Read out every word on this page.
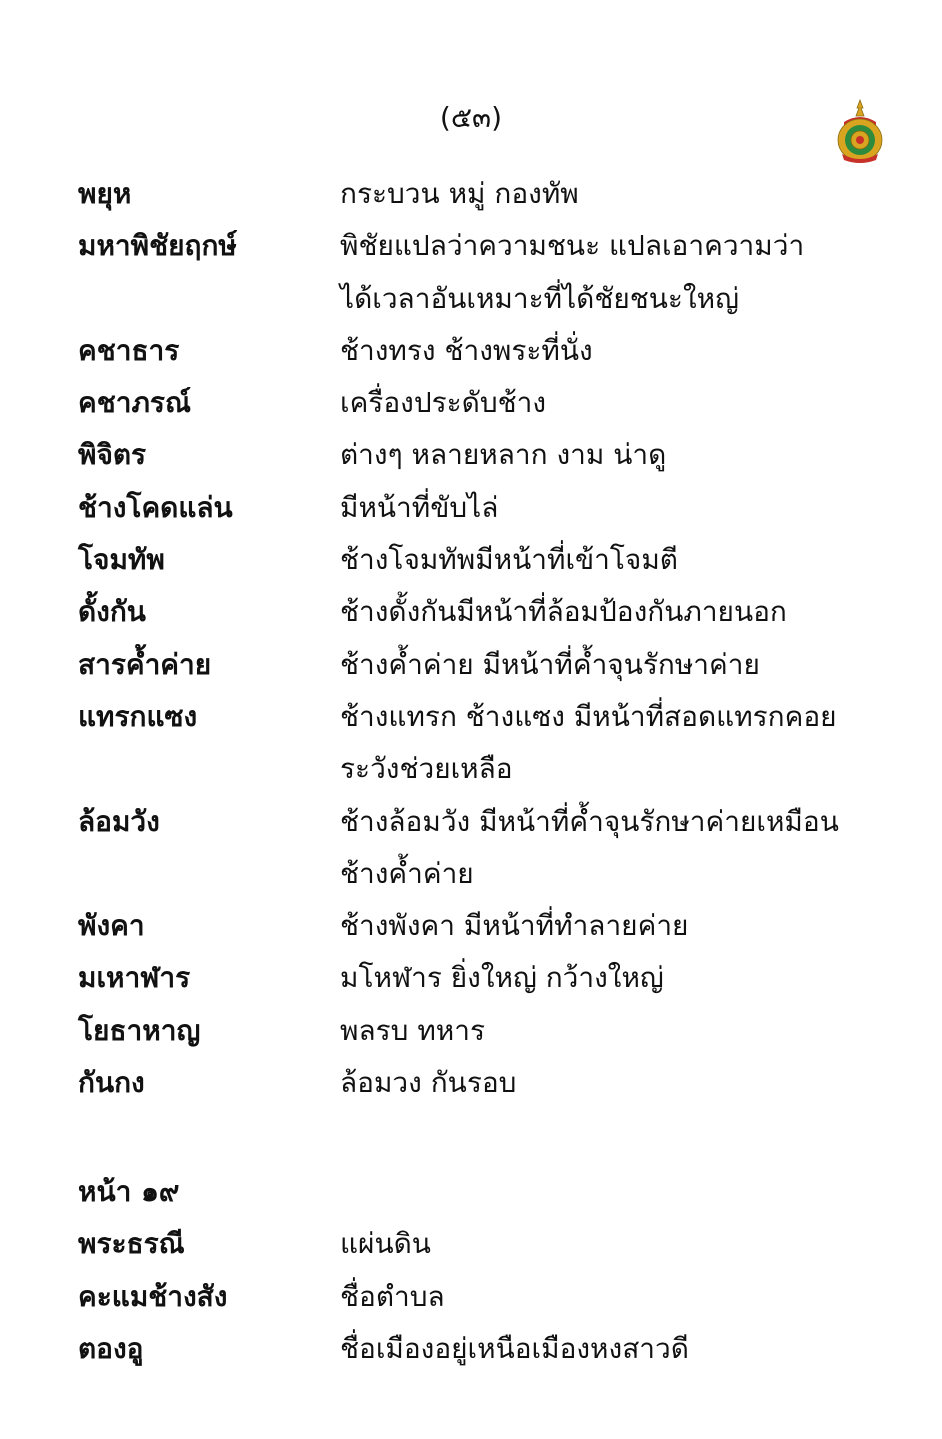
(๕๓)
พยุห	กระบวน หมู่ กองทัพ
มหาพิชัยฤกษ์	พิชัยแปลว่าความชนะ แปลเอาความว่า
ได้เวลาอันเหมาะที่ได้ชัยชนะใหญ่
คชาธาร	ช้างทรง ช้างพระที่นั่ง
คชาภรณ์	เครื่องประดับช้าง
พิจิตร	ต่างๆ หลายหลาก งาม น่าดู
ช้างโคดแล่น	มีหน้าที่ขับไล่
โจมทัพ	ช้างโจมทัพมีหน้าที่เข้าโจมตี
ดั้งกัน	ช้างดั้งกันมีหน้าที่ล้อมป้องกันภายนอก
สารค้ำค่าย	ช้างค้ำค่าย มีหน้าที่ค้ำจุนรักษาค่าย
แทรกแซง	ช้างแทรก ช้างแซง มีหน้าที่สอดแทรกคอย
ระวังช่วยเหลือ
ล้อมวัง	ช้างล้อมวัง มีหน้าที่ค้ำจุนรักษาค่ายเหมือน
ช้างค้ำค่าย
พังคา	ช้างพังคา มีหน้าที่ทำลายค่าย
มเหาฬาร	มโหฬาร ยิ่งใหญ่ กว้างใหญ่
โยธาหาญ	พลรบ ทหาร
กันกง	ล้อมวง กันรอบ
หน้า ๑๙
พระธรณี	แผ่นดิน
คะแมช้างสัง	ชื่อตำบล
ตองอู	ชื่อเมืองอยู่เหนือเมืองหงสาวดี
